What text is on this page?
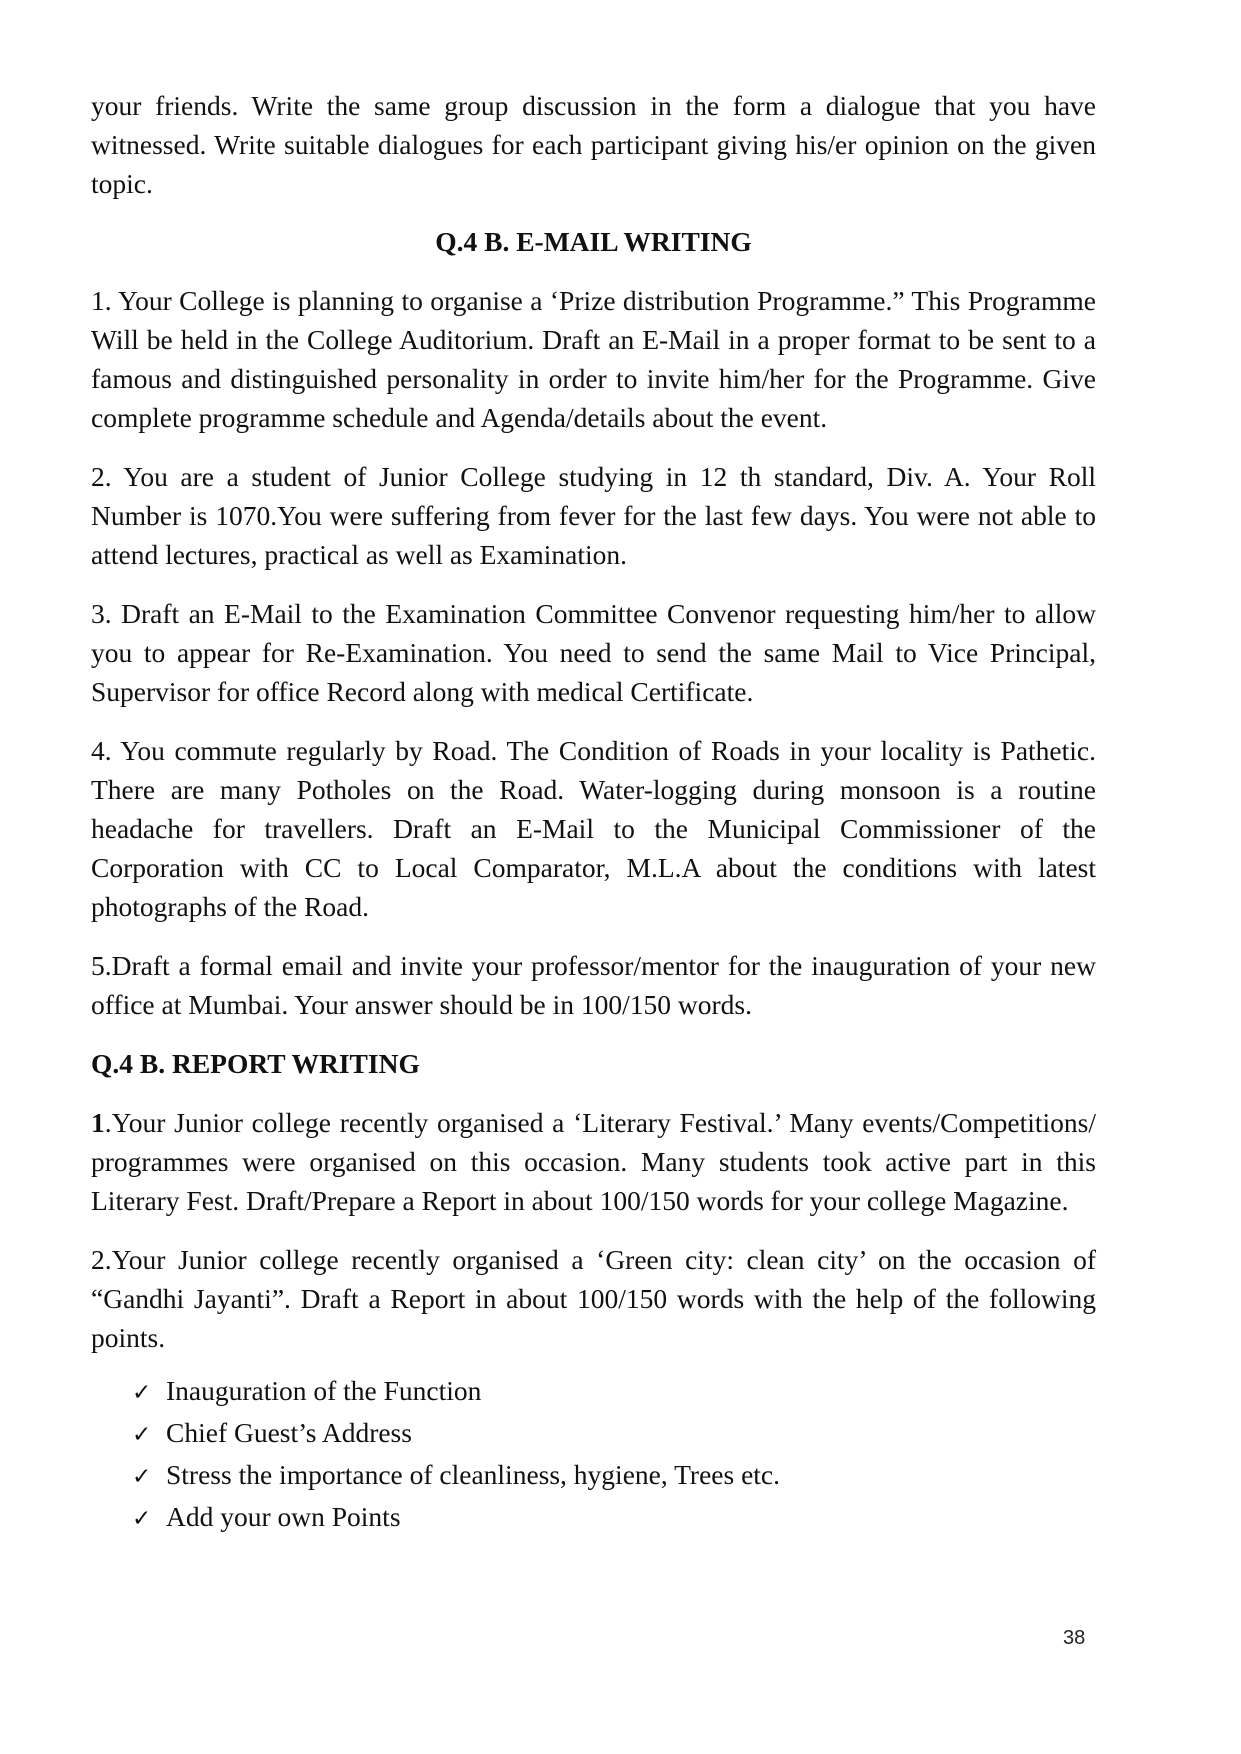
your friends. Write the same group discussion in the form a dialogue that you have witnessed. Write suitable dialogues for each participant giving his/er opinion on the given topic.

Q.4 B. E-MAIL WRITING

1. Your College is planning to organise a ‘Prize distribution Programme.” This Programme Will be held in the College Auditorium. Draft an E-Mail in a proper format to be sent to a famous and distinguished personality in order to invite him/her for the Programme. Give complete programme schedule and Agenda/details about the event.

2. You are a student of Junior College studying in 12 th standard, Div. A. Your Roll Number is 1070.You were suffering from fever for the last few days. You were not able to attend lectures, practical as well as Examination.

3. Draft an E-Mail to the Examination Committee Convenor requesting him/her to allow you to appear for Re-Examination. You need to send the same Mail to Vice Principal, Supervisor for office Record along with medical Certificate.

4. You commute regularly by Road. The Condition of Roads in your locality is Pathetic. There are many Potholes on the Road. Water-logging during monsoon is a routine headache for travellers. Draft an E-Mail to the Municipal Commissioner of the Corporation with CC to Local Comparator, M.L.A about the conditions with latest photographs of the Road.

5.Draft a formal email and invite your professor/mentor for the inauguration of your new office at Mumbai. Your answer should be in 100/150 words.

Q.4 B. REPORT WRITING

1.Your Junior college recently organised a ‘Literary Festival.’ Many events/Competitions/ programmes were organised on this occasion. Many students took active part in this Literary Fest. Draft/Prepare a Report in about 100/150 words for your college Magazine.

2.Your Junior college recently organised a ‘Green city: clean city’ on the occasion of “Gandhi Jayanti”. Draft a Report in about 100/150 words with the help of the following points.

✓ Inauguration of the Function
✓ Chief Guest’s Address
✓ Stress the importance of cleanliness, hygiene, Trees etc.
✓ Add your own Points
38
